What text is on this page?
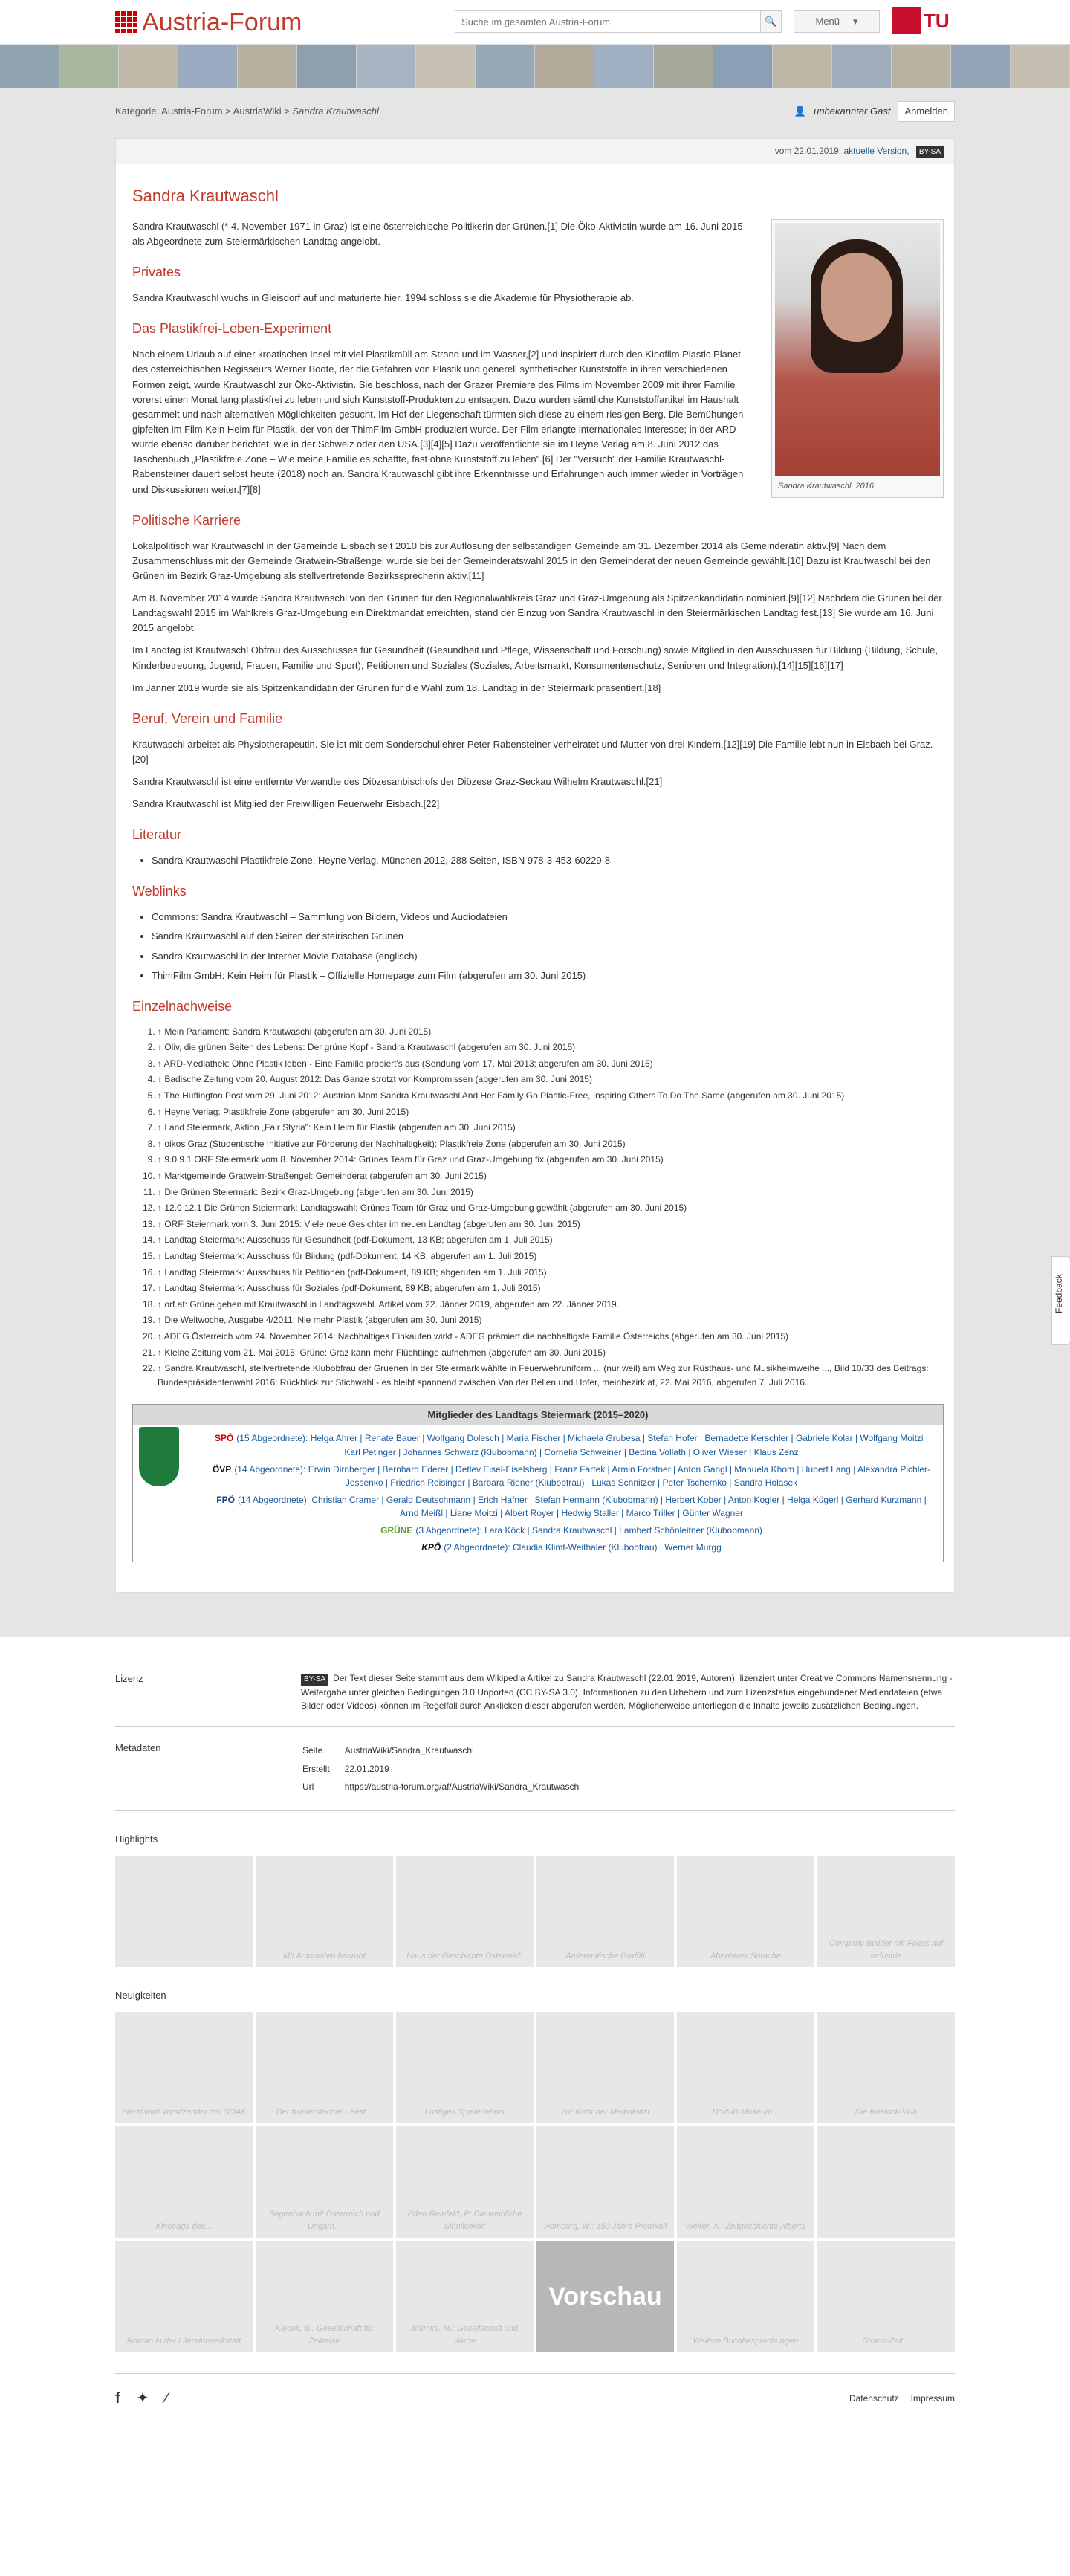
Austria-Forum
Suche im gesamten Austria-Forum	🔍	Menü ▾	TU
Kategorie: Austria-Forum > AustriaWiki > Sandra Krautwaschl	👤 unbekannter Gast	Anmelden
vom 22.01.2019, aktuelle Version, BY-SA
Sandra Krautwaschl
Sandra Krautwaschl, 2016

Sandra Krautwaschl (* 4. November 1971 in Graz) ist eine österreichische Politikerin der Grünen.[1] Die Öko-Aktivistin wurde am 16. Juni 2015 als Abgeordnete zum Steiermärkischen Landtag angelobt.

Privates

Sandra Krautwaschl wuchs in Gleisdorf auf und maturierte hier. 1994 schloss sie die Akademie für Physiotherapie ab.

Das Plastikfrei-Leben-Experiment

Nach einem Urlaub auf einer kroatischen Insel mit viel Plastikmüll am Strand und im Wasser,[2] und inspiriert durch den Kinofilm Plastic Planet des österreichischen Regisseurs Werner Boote, der die Gefahren von Plastik und generell synthetischer Kunststoffe in ihren verschiedenen Formen zeigt, wurde Krautwaschl zur Öko-Aktivistin. Sie beschloss, nach der Grazer Premiere des Films im November 2009 mit ihrer Familie vorerst einen Monat lang plastikfrei zu leben und sich Kunststoff-Produkten zu entsagen. Dazu wurden sämtliche Kunststoffartikel im Haushalt gesammelt und nach alternativen Möglichkeiten gesucht. Im Hof der Liegenschaft türmten sich diese zu einem riesigen Berg. Die Bemühungen gipfelten im Film Kein Heim für Plastik, der von der ThimFilm GmbH produziert wurde. Der Film erlangte internationales Interesse; in der ARD wurde ebenso darüber berichtet, wie in der Schweiz oder den USA.[3][4][5] Dazu veröffentlichte sie im Heyne Verlag am 8. Juni 2012 das Taschenbuch „Plastikfreie Zone – Wie meine Familie es schaffte, fast ohne Kunststoff zu leben".[6] Der "Versuch" der Familie Krautwaschl-Rabensteiner dauert selbst heute (2018) noch an. Sandra Krautwaschl gibt ihre Erkenntnisse und Erfahrungen auch immer wieder in Vorträgen und Diskussionen weiter.[7][8]

Politische Karriere

Lokalpolitisch war Krautwaschl in der Gemeinde Eisbach seit 2010 bis zur Auflösung der selbständigen Gemeinde am 31. Dezember 2014 als Gemeinderätin aktiv.[9] Nach dem Zusammenschluss mit der Gemeinde Gratwein-Straßengel wurde sie bei der Gemeinderatswahl 2015 in den Gemeinderat der neuen Gemeinde gewählt.[10] Dazu ist Krautwaschl bei den Grünen im Bezirk Graz-Umgebung als stellvertretende Bezirkssprecherin aktiv.[11]

Am 8. November 2014 wurde Sandra Krautwaschl von den Grünen für den Regionalwahlkreis Graz und Graz-Umgebung als Spitzenkandidatin nominiert.[9][12] Nachdem die Grünen bei der Landtagswahl 2015 im Wahlkreis Graz-Umgebung ein Direktmandat erreichten, stand der Einzug von Sandra Krautwaschl in den Steiermärkischen Landtag fest.[13] Sie wurde am 16. Juni 2015 angelobt.

Im Landtag ist Krautwaschl Obfrau des Ausschusses für Gesundheit (Gesundheit und Pflege, Wissenschaft und Forschung) sowie Mitglied in den Ausschüssen für Bildung (Bildung, Schule, Kinderbetreuung, Jugend, Frauen, Familie und Sport), Petitionen und Soziales (Soziales, Arbeitsmarkt, Konsumentenschutz, Senioren und Integration).[14][15][16][17]

Im Jänner 2019 wurde sie als Spitzenkandidatin der Grünen für die Wahl zum 18. Landtag in der Steiermark präsentiert.[18]

Beruf, Verein und Familie

Krautwaschl arbeitet als Physiotherapeutin. Sie ist mit dem Sonderschullehrer Peter Rabensteiner verheiratet und Mutter von drei Kindern.[12][19] Die Familie lebt nun in Eisbach bei Graz.[20]

Sandra Krautwaschl ist eine entfernte Verwandte des Diözesanbischofs der Diözese Graz-Seckau Wilhelm Krautwaschl.[21]

Sandra Krautwaschl ist Mitglied der Freiwilligen Feuerwehr Eisbach.[22]

Literatur
• Sandra Krautwaschl Plastikfreie Zone, Heyne Verlag, München 2012, 288 Seiten, ISBN 978-3-453-60229-8
Weblinks
• Commons: Sandra Krautwaschl – Sammlung von Bildern, Videos und Audiodateien
• Sandra Krautwaschl auf den Seiten der steirischen Grünen
• Sandra Krautwaschl in der Internet Movie Database (englisch)
• ThimFilm GmbH: Kein Heim für Plastik – Offizielle Homepage zum Film (abgerufen am 30. Juni 2015)
Einzelnachweise
1. ↑ Mein Parlament: Sandra Krautwaschl (abgerufen am 30. Juni 2015)
2. ↑ Oliv, die grünen Seiten des Lebens: Der grüne Kopf - Sandra Krautwaschl (abgerufen am 30. Juni 2015)
3. ↑ ARD-Mediathek: Ohne Plastik leben - Eine Familie probiert's aus (Sendung vom 17. Mai 2013; abgerufen am 30. Juni 2015)
4. ↑ Badische Zeitung vom 20. August 2012: Das Ganze strotzt vor Kompromissen (abgerufen am 30. Juni 2015)
5. ↑ The Huffington Post vom 29. Juni 2012: Austrian Mom Sandra Krautwaschl And Her Family Go Plastic-Free, Inspiring Others To Do The Same (abgerufen am 30. Juni 2015)
6. ↑ Heyne Verlag: Plastikfreie Zone (abgerufen am 30. Juni 2015)
7. ↑ Land Steiermark, Aktion „Fair Styria": Kein Heim für Plastik (abgerufen am 30. Juni 2015)
8. ↑ oikos Graz (Studentische Initiative zur Förderung der Nachhaltigkeit): Plastikfreie Zone (abgerufen am 30. Juni 2015)
9. ↑ 9.0 9.1 ORF Steiermark vom 8. November 2014: Grünes Team für Graz und Graz-Umgebung fix (abgerufen am 30. Juni 2015)
10. ↑ Marktgemeinde Gratwein-Straßengel: Gemeinderat (abgerufen am 30. Juni 2015)
11. ↑ Die Grünen Steiermark: Bezirk Graz-Umgebung (abgerufen am 30. Juni 2015)
12. ↑ 12.0 12.1 Die Grünen Steiermark: Landtagswahl: Grünes Team für Graz und Graz-Umgebung gewählt (abgerufen am 30. Juni 2015)
13. ↑ ORF Steiermark vom 3. Juni 2015: Viele neue Gesichter im neuen Landtag (abgerufen am 30. Juni 2015)
14. ↑ Landtag Steiermark: Ausschuss für Gesundheit (pdf-Dokument, 13 KB; abgerufen am 1. Juli 2015)
15. ↑ Landtag Steiermark: Ausschuss für Bildung (pdf-Dokument, 14 KB; abgerufen am 1. Juli 2015)
16. ↑ Landtag Steiermark: Ausschuss für Petitionen (pdf-Dokument, 89 KB; abgerufen am 1. Juli 2015)
17. ↑ Landtag Steiermark: Ausschuss für Soziales (pdf-Dokument, 89 KB; abgerufen am 1. Juli 2015)
18. ↑ orf.at: Grüne gehen mit Krautwaschl in Landtagswahl. Artikel vom 22. Jänner 2019, abgerufen am 22. Jänner 2019.
19. ↑ Die Weltwoche, Ausgabe 4/2011: Nie mehr Plastik (abgerufen am 30. Juni 2015)
20. ↑ ADEG Österreich vom 24. November 2014: Nachhaltiges Einkaufen wirkt - ADEG prämiert die nachhaltigste Familie Österreichs (abgerufen am 30. Juni 2015)
21. ↑ Kleine Zeitung vom 21. Mai 2015: Grüne: Graz kann mehr Flüchtlinge aufnehmen (abgerufen am 30. Juni 2015)
22. ↑ Sandra Krautwaschl, stellvertretende Klubobfrau der Gruenen in der Steiermark wählte in Feuerwehruniform ... (nur weil) am Weg zur Rüsthaus- und Musikheimweihe ..., Bild 10/33 des Beitrags: Bundespräsidentenwahl 2016: Rückblick zur Stichwahl - es bleibt spannend zwischen Van der Bellen und Hofer, meinbezirk.at, 22. Mai 2016, abgerufen 7. Juli 2016.
Mitglieder des Landtags Steiermark (2015–2020)
SPÖ (15 Abgeordnete): Helga Ahrer | Renate Bauer | Wolfgang Dolesch | Maria Fischer | Michaela Grubesa | Stefan Hofer | Bernadette Kerschler | Gabriele Kolar | Wolfgang Moitzi | Karl Petinger | Johannes Schwarz (Klubobmann) | Cornelia Schweiner | Bettina Vollath | Oliver Wieser | Klaus Zenz
ÖVP (14 Abgeordnete): Erwin Dirnberger | Bernhard Ederer | Detlev Eisel-Eiselsberg | Franz Fartek | Armin Forstner | Anton Gangl | Manuela Khom | Hubert Lang | Alexandra Pichler-Jessenko | Friedrich Reisinger | Barbara Riener (Klubobfrau) | Lukas Schnitzer | Peter Tschernko | Sandra Holasek
FPÖ (14 Abgeordnete): Christian Cramer | Gerald Deutschmann | Erich Hafner | Stefan Hermann (Klubobmann) | Herbert Kober | Anton Kogler | Helga Kügerl | Gerhard Kurzmann | Arnd Meißl | Liane Moitzi | Albert Royer | Hedwig Staller | Marco Triller | Günter Wagner
GRÜNE (3 Abgeordnete): Lara Köck | Sandra Krautwaschl | Lambert Schönleitner (Klubobmann)
KPÖ (2 Abgeordnete): Claudia Klimt-Weithaler (Klubobfrau) | Werner Murgg
Feedback
Lizenz	BY-SA Der Text dieser Seite stammt aus dem Wikipedia Artikel zu Sandra Krautwaschl (22.01.2019, Autoren), lizenziert unter Creative Commons Namensnennung - Weitergabe unter gleichen Bedingungen 3.0 Unported (CC BY-SA 3.0). Informationen zu den Urhebern und zum Lizenzstatus eingebundener Mediendateien (etwa Bilder oder Videos) können im Regelfall durch Anklicken dieser abgerufen werden. Möglicherweise unterliegen die Inhalte jeweils zusätzlichen Bedingungen.
Metadaten	Seite	AustriaWiki/Sandra_Krautwaschl
Erstellt	22.01.2019
Url	https://austria-forum.org/af/AustriaWiki/Sandra_Krautwaschl
Highlights
Mit Automaten bedroht	Haus der Geschichte Österreich	Antisemitische Graffiti	Abenteuer Sprache
Company Builder mit Fokus auf Industrie
Neuigkeiten
Sterzl wird Vorsitzender der SOAK	Der Kupferstecher - Fest...	Lustiges Spielerlebnis	Zur Kritik der Mediokrität	Dollfuß-Museum...	Die Rostock-Villa
Kinosaga des...
Segenbach mit Österreich und Ungarn...
Eden-Reinfeld, P: Die weibliche Sinnlichkeit	Homburg, W.: 150 Jahre Protokoll	Weirer, A.: Zeitgeschichte Alberta
Roman in der Literaturwerkstatt
Kiecolt, B.: Gesellschaft für Zeitreise
Blümke, M.: Gesellschaft und Werte
Vorschau
Weitere Buchbesprechungen	Strand-Zeit...
f ✦ ∕	Datenschutz Impressum
